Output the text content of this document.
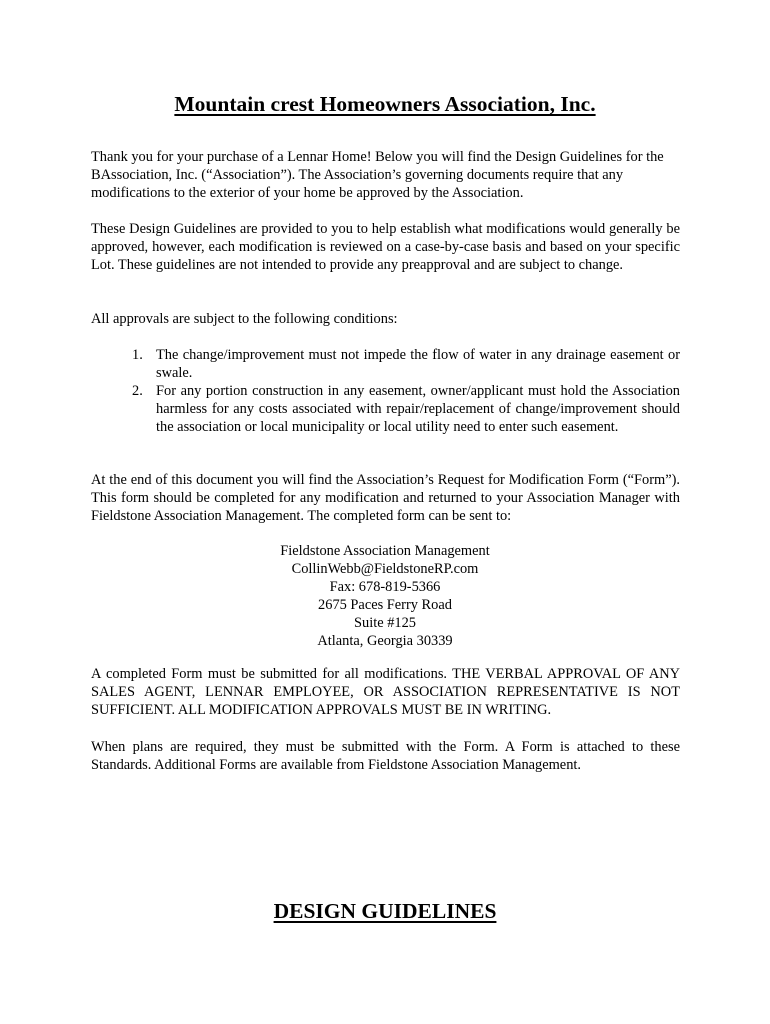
Mountain crest Homeowners Association, Inc.

Thank you for your purchase of a Lennar Home! Below you will find the Design Guidelines for the BAssociation, Inc. (“Association”). The Association’s governing documents require that any modifications to the exterior of your home be approved by the Association.

These Design Guidelines are provided to you to help establish what modifications would generally be approved, however, each modification is reviewed on a case-by-case basis and based on your specific Lot. These guidelines are not intended to provide any preapproval and are subject to change.

All approvals are subject to the following conditions:

1. The change/improvement must not impede the flow of water in any drainage easement or swale.
2. For any portion construction in any easement, owner/applicant must hold the Association harmless for any costs associated with repair/replacement of change/improvement should the association or local municipality or local utility need to enter such easement.

At the end of this document you will find the Association’s Request for Modification Form (“Form”). This form should be completed for any modification and returned to your Association Manager with Fieldstone Association Management. The completed form can be sent to:

Fieldstone Association Management
CollinWebb@FieldstoneRP.com
Fax: 678-819-5366
2675 Paces Ferry Road
Suite #125
Atlanta, Georgia 30339

A completed Form must be submitted for all modifications. THE VERBAL APPROVAL OF ANY SALES AGENT, LENNAR EMPLOYEE, OR ASSOCIATION REPRESENTATIVE IS NOT SUFFICIENT. ALL MODIFICATION APPROVALS MUST BE IN WRITING.

When plans are required, they must be submitted with the Form. A Form is attached to these Standards. Additional Forms are available from Fieldstone Association Management.

DESIGN GUIDELINES
